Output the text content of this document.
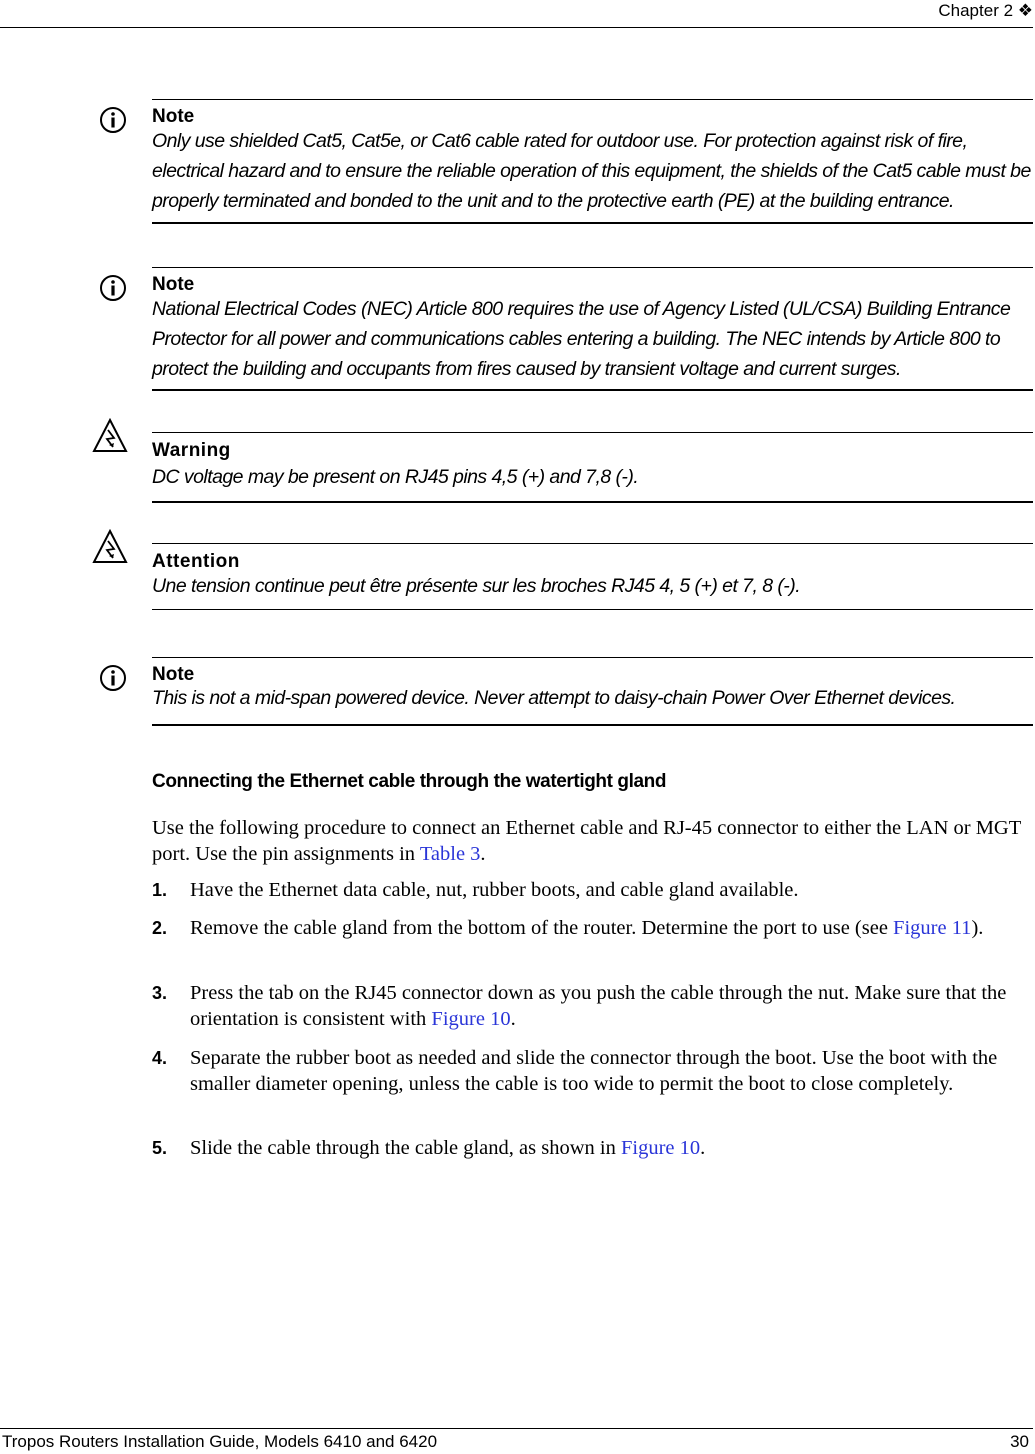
Chapter 2 ❖
Note
Only use shielded Cat5, Cat5e, or Cat6 cable rated for outdoor use. For protection against risk of fire, electrical hazard and to ensure the reliable operation of this equipment, the shields of the Cat5 cable must be properly terminated and bonded to the unit and to the protective earth (PE) at the building entrance.
Note
National Electrical Codes (NEC) Article 800 requires the use of Agency Listed (UL/CSA) Building Entrance Protector for all power and communications cables entering a building. The NEC intends by Article 800 to protect the building and occupants from fires caused by transient voltage and current surges.
Warning
DC voltage may be present on RJ45 pins 4,5 (+) and 7,8 (-).
Attention
Une tension continue peut être présente sur les broches RJ45 4, 5 (+) et 7, 8 (-).
Note
This is not a mid-span powered device. Never attempt to daisy-chain Power Over Ethernet devices.
Connecting the Ethernet cable through the watertight gland
Use the following procedure to connect an Ethernet cable and RJ-45 connector to either the LAN or MGT port. Use the pin assignments in Table 3.
1. Have the Ethernet data cable, nut, rubber boots, and cable gland available.
2. Remove the cable gland from the bottom of the router. Determine the port to use (see Figure 11).
3. Press the tab on the RJ45 connector down as you push the cable through the nut. Make sure that the orientation is consistent with Figure 10.
4. Separate the rubber boot as needed and slide the connector through the boot. Use the boot with the smaller diameter opening, unless the cable is too wide to permit the boot to close completely.
5. Slide the cable through the cable gland, as shown in Figure 10.
Tropos Routers Installation Guide, Models 6410 and 6420	30
